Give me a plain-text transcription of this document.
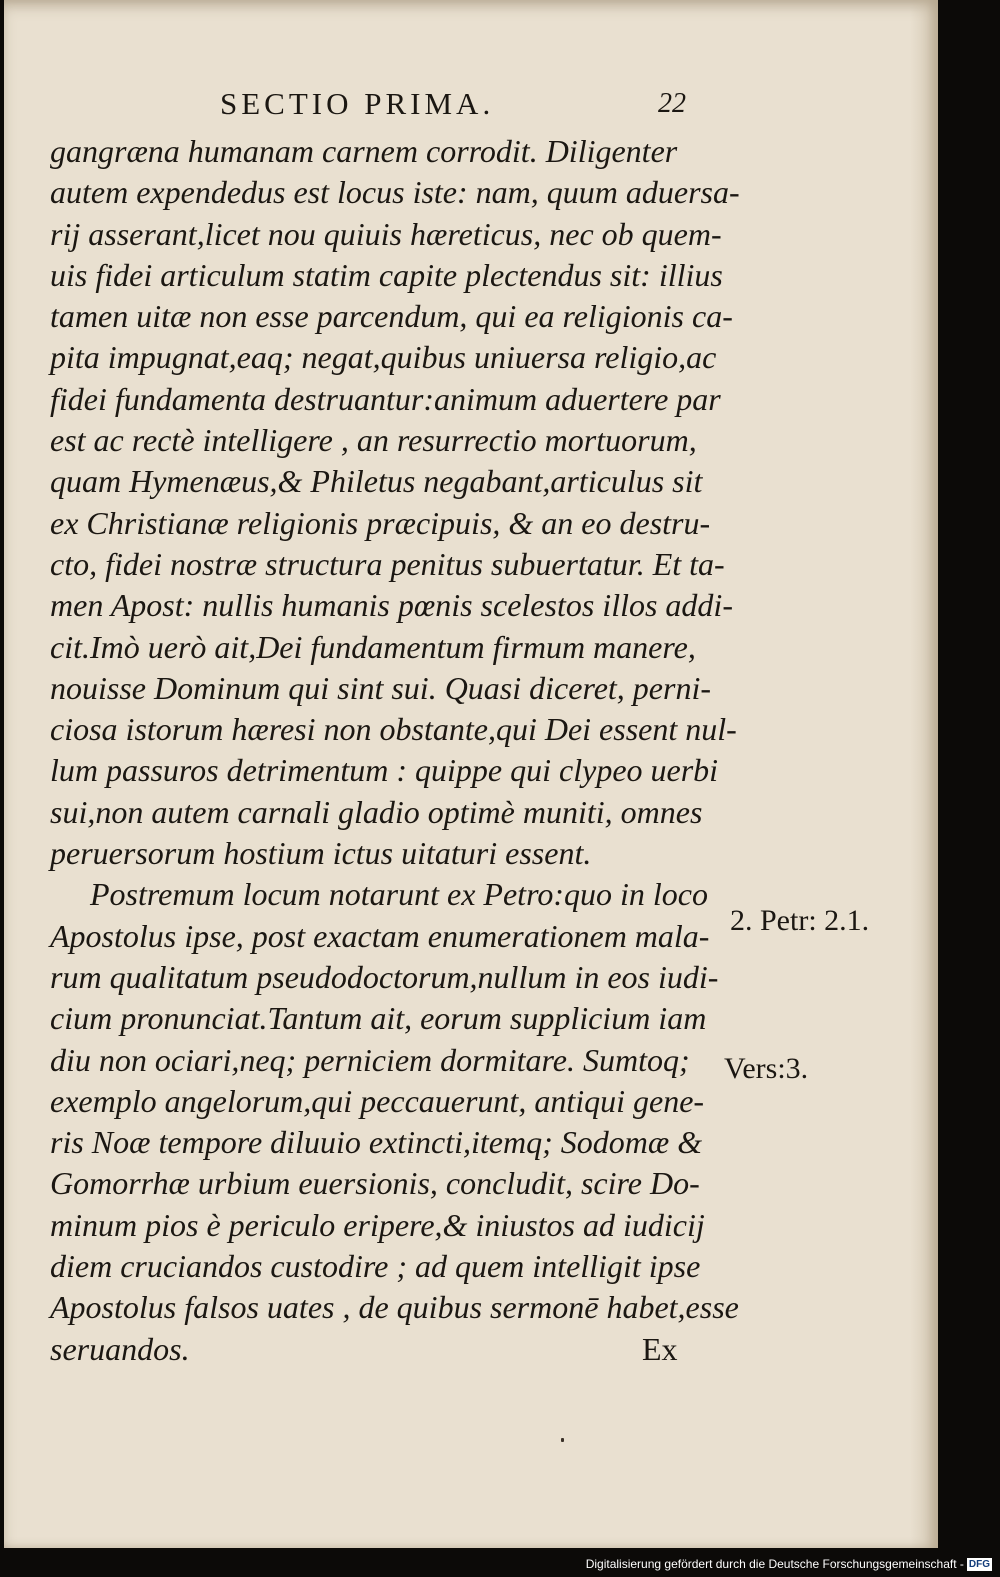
SECTIO PRIMA.	22
gangræna humanam carnem corrodit. Diligenter
autem expendedus est locus iste: nam, quum aduersa-
rij asserant,licet nou quiuis hæreticus, nec ob quem-
uis fidei articulum statim capite plectendus sit: illius
tamen uitæ non esse parcendum, qui ea religionis ca-
pita impugnat,eaq; negat,quibus uniuersa religio,ac
fidei fundamenta destruantur:animum aduertere par
est ac rectè intelligere , an resurrectio mortuorum,
quam Hymenæus,& Philetus negabant,articulus sit
ex Christianæ religionis præcipuis, & an eo destru-
cto, fidei nostræ structura penitus subuertatur. Et ta-
men Apost: nullis humanis pœnis scelestos illos addi-
cit.Imò uerò ait,Dei fundamentum firmum manere,
nouisse Dominum qui sint sui. Quasi diceret, perni-
ciosa istorum hæresi non obstante,qui Dei essent nul-
lum passuros detrimentum : quippe qui clypeo uerbi
sui,non autem carnali gladio optimè muniti, omnes
peruersorum hostium ictus uitaturi essent.
Postremum locum notarunt ex Petro:quo in loco
Apostolus ipse, post exactam enumerationem mala-
rum qualitatum pseudodoctorum,nullum in eos iudi-
cium pronunciat.Tantum ait, eorum supplicium iam
diu non ociari,neq; perniciem dormitare. Sumtoq;
exemplo angelorum,qui peccauerunt, antiqui gene-
ris Noæ tempore diluuio extincti,itemq; Sodomæ &
Gomorrhæ urbium euersionis, concludit, scire Do-
minum pios è periculo eripere,& iniustos ad iudicij
diem cruciandos custodire ; ad quem intelligit ipse
Apostolus falsos uates , de quibus sermonē habet,esse
seruandos.	Ex
2. Petr: 2.1.
Vers:3.
Digitalisierung gefördert durch die Deutsche Forschungsgemeinschaft - DFG
